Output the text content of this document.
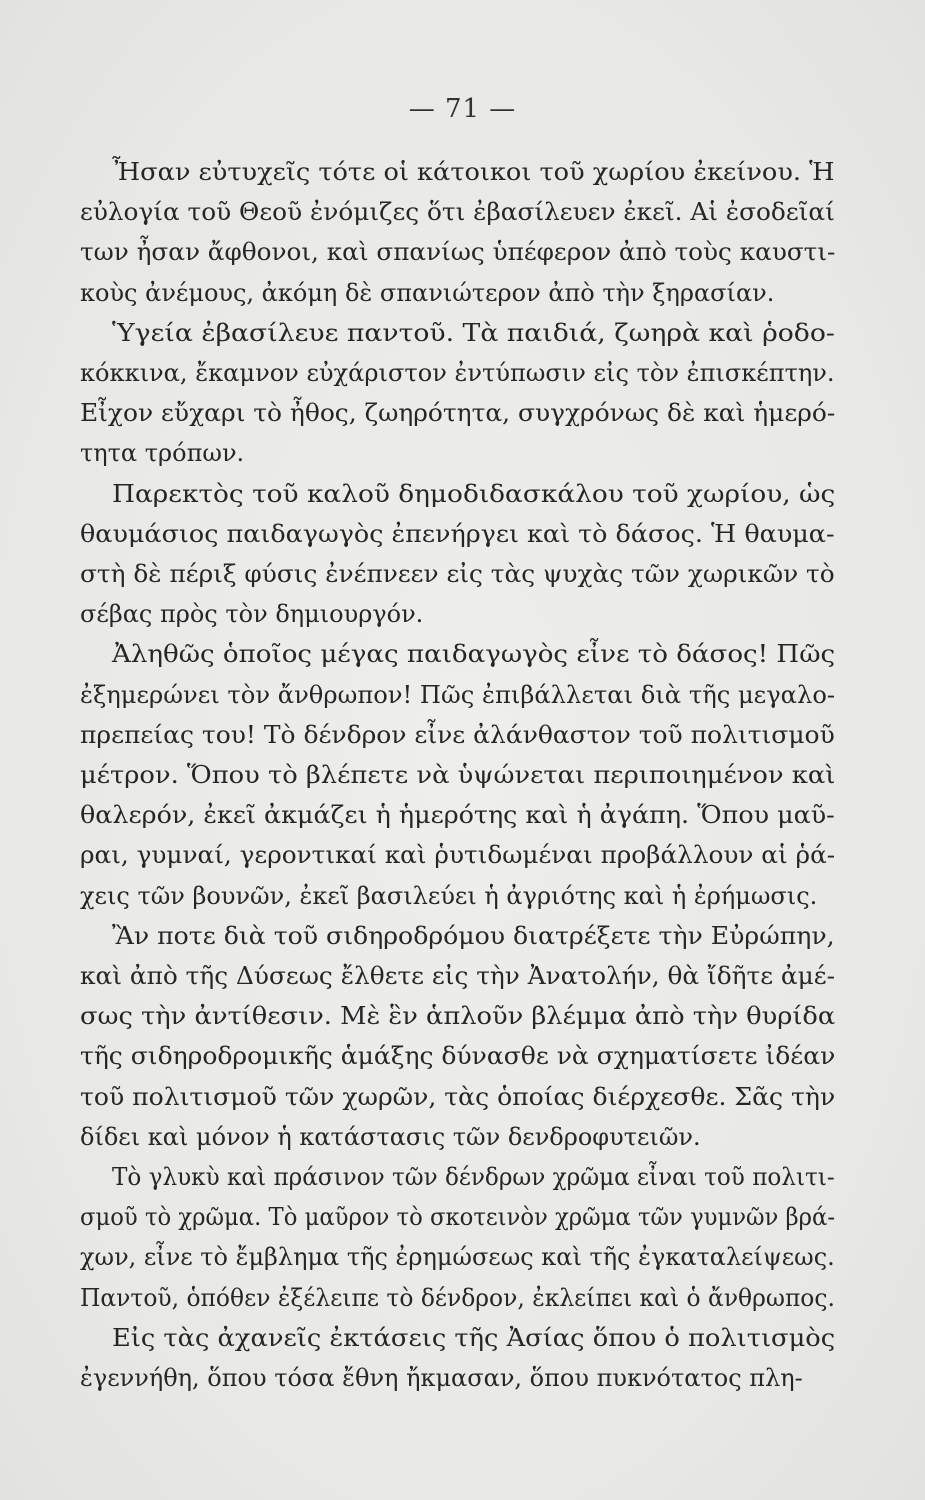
— 71 —
Ἦσαν εὐτυχεῖς τότε οἱ κάτοικοι τοῦ χωρίου ἐκείνου. Ἡ
εὐλογία τοῦ Θεοῦ ἐνόμιζες ὅτι ἐβασίλευεν ἐκεῖ. Αἱ ἐσοδεῖαί
των ἦσαν ἄφθονοι, καὶ σπανίως ὑπέφερον ἀπὸ τοὺς καυστι-
κοὺς ἀνέμους, ἀκόμη δὲ σπανιώτερον ἀπὸ τὴν ξηρασίαν.
Ὑγεία ἐβασίλευε παντοῦ. Τὰ παιδιά, ζωηρὰ καὶ ῥοδο-
κόκκινα, ἔκαμνον εὐχάριστον ἐντύπωσιν εἰς τὸν ἐπισκέπτην.
Εἶχον εὔχαρι τὸ ἦθος, ζωηρότητα, συγχρόνως δὲ καὶ ἡμερό-
τητα τρόπων.
Παρεκτὸς τοῦ καλοῦ δημοδιδασκάλου τοῦ χωρίου, ὡς
θαυμάσιος παιδαγωγὸς ἐπενήργει καὶ τὸ δάσος. Ἡ θαυμα-
στὴ δὲ πέριξ φύσις ἐνέπνεεν εἰς τὰς ψυχὰς τῶν χωρικῶν τὸ
σέβας πρὸς τὸν δημιουργόν.
Ἀληθῶς ὁποῖος μέγας παιδαγωγὸς εἶνε τὸ δάσος! Πῶς
ἐξημερώνει τὸν ἄνθρωπον! Πῶς ἐπιβάλλεται διὰ τῆς μεγαλο-
πρεπείας του! Τὸ δένδρον εἶνε ἀλάνθαστον τοῦ πολιτισμοῦ
μέτρον. Ὅπου τὸ βλέπετε νὰ ὑψώνεται περιποιημένον καὶ
θαλερόν, ἐκεῖ ἀκμάζει ἡ ἡμερότης καὶ ἡ ἀγάπη. Ὅπου μαῦ-
ραι, γυμναί, γεροντικαί καὶ ῥυτιδωμέναι προβάλλουν αἱ ῥά-
χεις τῶν βουνῶν, ἐκεῖ βασιλεύει ἡ ἀγριότης καὶ ἡ ἐρήμωσις.
Ἂν ποτε διὰ τοῦ σιδηροδρόμου διατρέξετε τὴν Εὐρώπην,
καὶ ἀπὸ τῆς Δύσεως ἔλθετε εἰς τὴν Ἀνατολήν, θὰ ἴδῆτε ἀμέ-
σως τὴν ἀντίθεσιν. Μὲ ἓν ἁπλοῦν βλέμμα ἀπὸ τὴν θυρίδα
τῆς σιδηροδρομικῆς ἁμάξης δύνασθε νὰ σχηματίσετε ἰδέαν
τοῦ πολιτισμοῦ τῶν χωρῶν, τὰς ὁποίας διέρχεσθε. Σᾶς τὴν
δίδει καὶ μόνον ἡ κατάστασις τῶν δενδροφυτειῶν.
Τὸ γλυκὺ καὶ πράσινον τῶν δένδρων χρῶμα εἶναι τοῦ πολιτι-
σμοῦ τὸ χρῶμα. Τὸ μαῦρον τὸ σκοτεινὸν χρῶμα τῶν γυμνῶν βρά-
χων, εἶνε τὸ ἔμβλημα τῆς ἐρημώσεως καὶ τῆς ἐγκαταλείψεως.
Παντοῦ, ὁπόθεν ἐξέλειπε τὸ δένδρον, ἐκλείπει καὶ ὁ ἄνθρωπος.
Εἰς τὰς ἀχανεῖς ἐκτάσεις τῆς Ἀσίας ὅπου ὁ πολιτισμὸς
ἐγεννήθη, ὅπου τόσα ἔθνη ἤκμασαν, ὅπου πυκνότατος πλη-
